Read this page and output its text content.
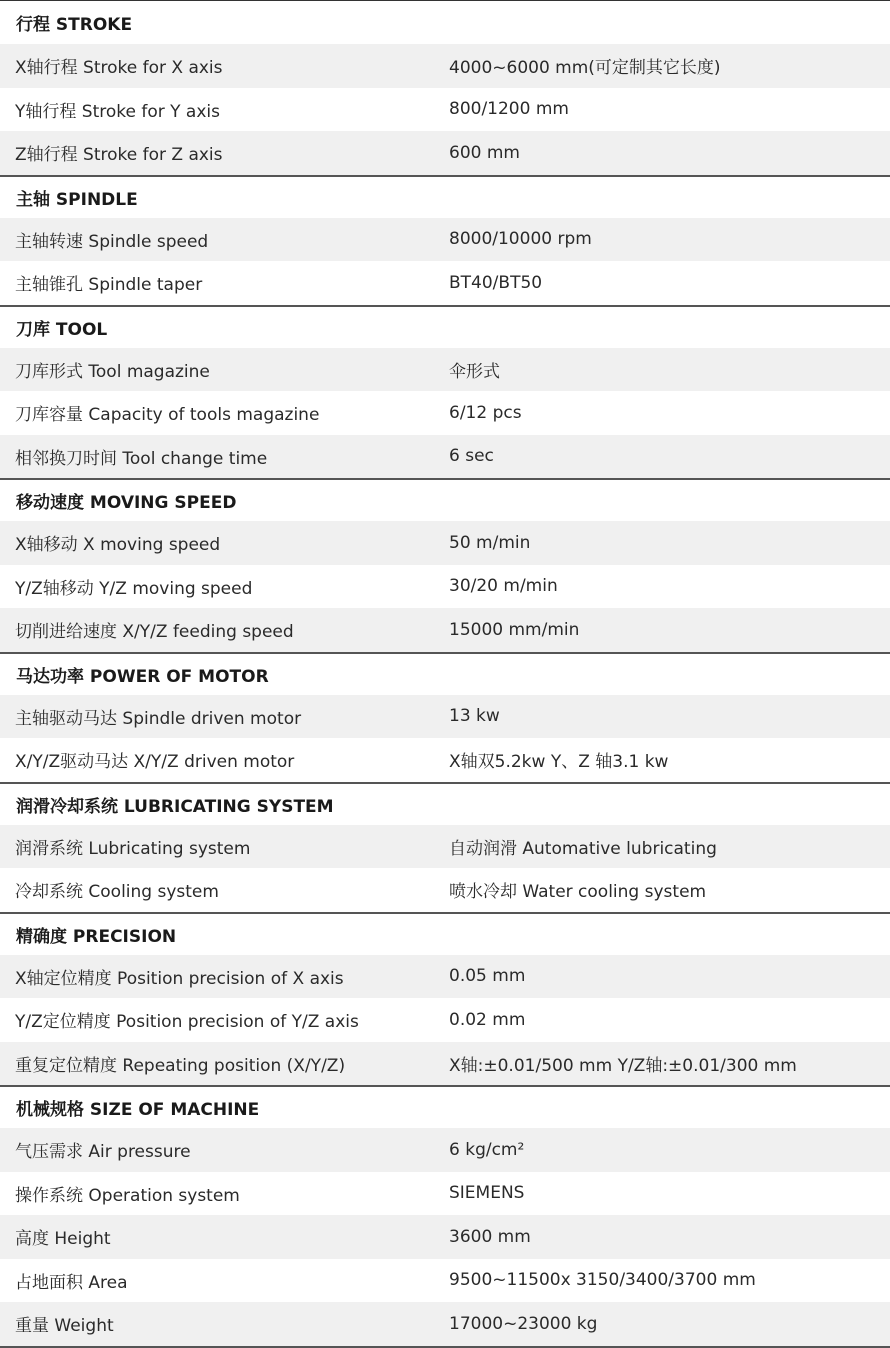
行程 STROKE
X轴行程 Stroke for X axis	4000~6000 mm(可定制其它长度)
Y轴行程 Stroke for Y axis	800/1200 mm
Z轴行程 Stroke for Z axis	600 mm
主轴 SPINDLE
主轴转速 Spindle speed	8000/10000 rpm
主轴锥孔 Spindle taper	BT40/BT50
刀库 TOOL
刀库形式 Tool magazine	伞形式
刀库容量 Capacity of tools magazine	6/12 pcs
相邻换刀时间 Tool change time	6 sec
移动速度 MOVING SPEED
X轴移动 X moving speed	50 m/min
Y/Z轴移动 Y/Z moving speed	30/20 m/min
切削进给速度 X/Y/Z feeding speed	15000 mm/min
马达功率 POWER OF MOTOR
主轴驱动马达 Spindle driven motor	13 kw
X/Y/Z驱动马达 X/Y/Z driven motor	X轴双5.2kw Y、Z 轴3.1 kw
润滑冷却系统 LUBRICATING SYSTEM
润滑系统 Lubricating system	自动润滑 Automative lubricating
冷却系统 Cooling system	喷水冷却 Water cooling system
精确度 PRECISION
X轴定位精度 Position precision of X axis	0.05 mm
Y/Z定位精度 Position precision of Y/Z axis	0.02 mm
重复定位精度 Repeating position (X/Y/Z)	X轴:±0.01/500 mm Y/Z轴:±0.01/300 mm
机械规格 SIZE OF MACHINE
气压需求 Air pressure	6 kg/cm²
操作系统 Operation system	SIEMENS
高度 Height	3600 mm
占地面积 Area	9500~11500x 3150/3400/3700 mm
重量 Weight	17000~23000 kg
